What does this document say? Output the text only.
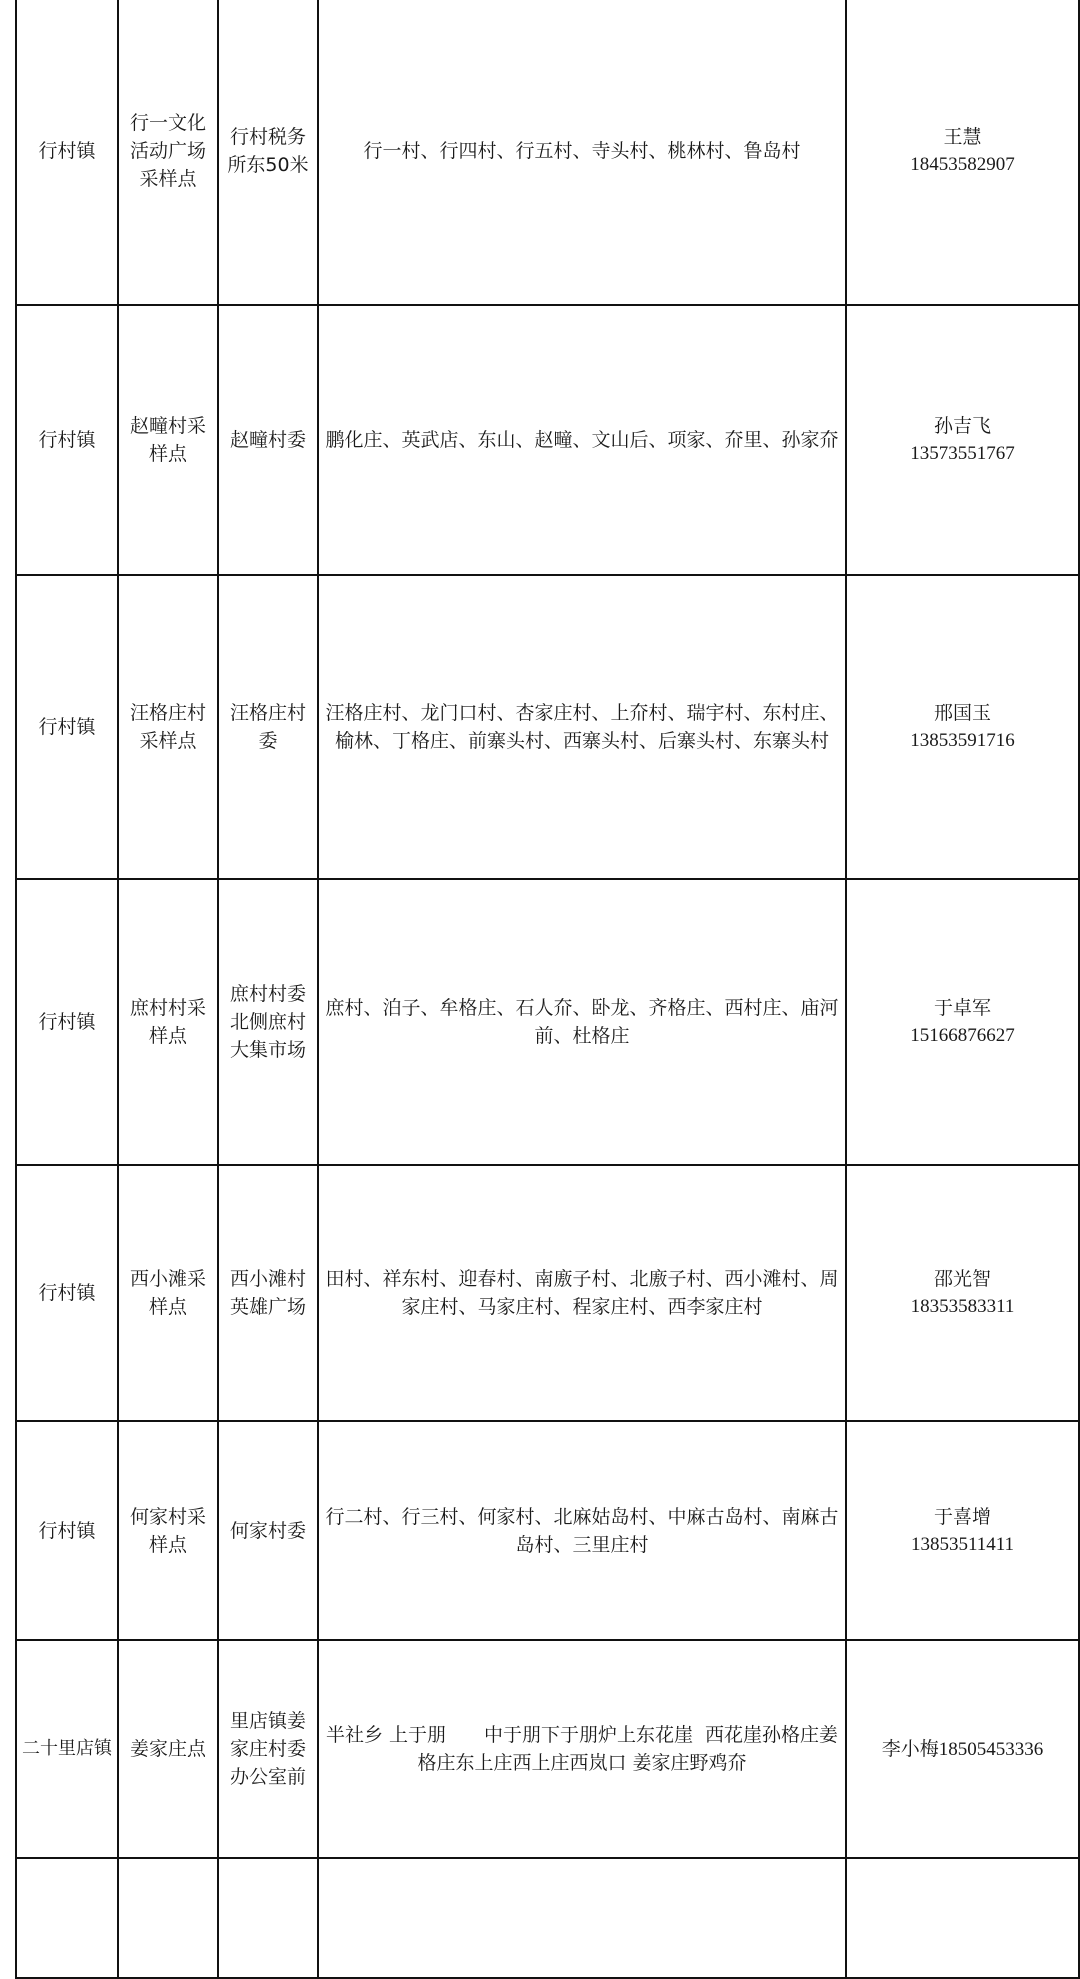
行村镇	行一文化活动广场采样点	行村税务所东50米	行一村、行四村、行五村、寺头村、桃林村、鲁岛村	王慧
18453582907

行村镇	赵疃村采样点	赵疃村委	鹏化庄、英武店、东山、赵疃、文山后、项家、夼里、孙家夼	孙吉飞
13573551767

行村镇	汪格庄村采样点	汪格庄村委	汪格庄村、龙门口村、杏家庄村、上夼村、瑞宇村、东村庄、榆林、丁格庄、前寨头村、西寨头村、后寨头村、东寨头村	邢国玉
13853591716

行村镇	庶村村采样点	庶村村委北侧庶村大集市场	庶村、泊子、牟格庄、石人夼、卧龙、齐格庄、西村庄、庙河前、杜格庄	于卓军
15166876627

行村镇	西小滩采样点	西小滩村英雄广场	田村、祥东村、迎春村、南廒子村、北廒子村、西小滩村、周家庄村、马家庄村、程家庄村、西李家庄村	邵光智
18353583311

行村镇	何家村采样点	何家村委	行二村、行三村、何家村、北麻姑岛村、中麻古岛村、南麻古岛村、三里庄村	于喜增
13853511411

二十里店镇	姜家庄点	里店镇姜家庄村委办公室前	半社乡 上于朋　　中于朋下于朋炉上东花崖  西花崖孙格庄姜格庄东上庄西上庄西岚口 姜家庄野鸡夼	李小梅18505453336
